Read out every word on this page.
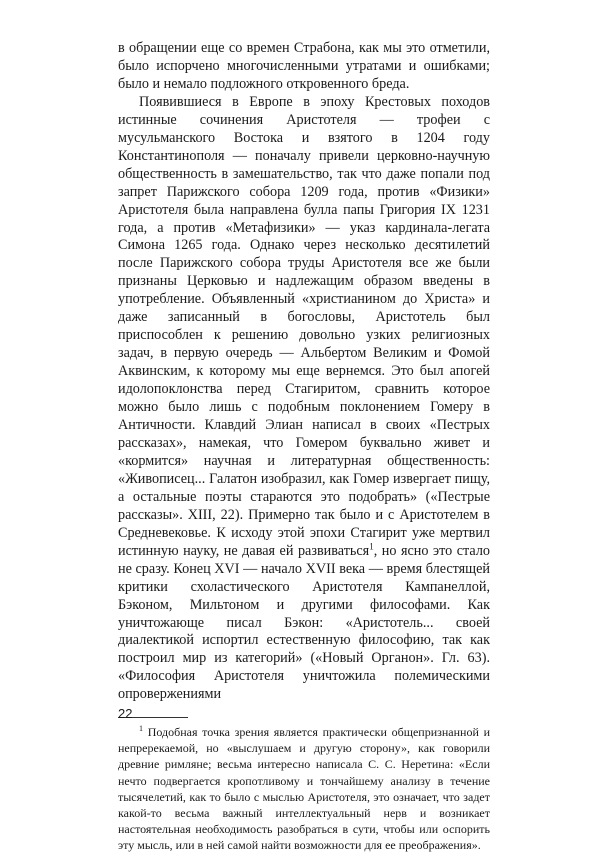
в обращении еще со времен Страбона, как мы это отметили, было испорчено многочисленными утратами и ошибками; было и немало подложного откровенного бреда.

Появившиеся в Европе в эпоху Крестовых походов истинные сочинения Аристотеля — трофеи с мусульманского Востока и взятого в 1204 году Константинополя — поначалу привели церковно-научную общественность в замешательство, так что даже попали под запрет Парижского собора 1209 года, против «Физики» Аристотеля была направлена булла папы Григория IX 1231 года, а против «Метафизики» — указ кардинала-легата Симона 1265 года. Однако через несколько десятилетий после Парижского собора труды Аристотеля все же были признаны Церковью и надлежащим образом введены в употребление. Объявленный «христианином до Христа» и даже записанный в богословы, Аристотель был приспособлен к решению довольно узких религиозных задач, в первую очередь — Альбертом Великим и Фомой Аквинским, к которому мы еще вернемся. Это был апогей идолопоклонства перед Стагиритом, сравнить которое можно было лишь с подобным поклонением Гомеру в Античности. Клавдий Элиан написал в своих «Пестрых рассказах», намекая, что Гомером буквально живет и «кормится» научная и литературная общественность: «Живописец... Галатон изобразил, как Гомер извергает пищу, а остальные поэты стараются это подобрать» («Пестрые рассказы». XIII, 22). Примерно так было и с Аристотелем в Средневековье. К исходу этой эпохи Стагирит уже мертвил истинную науку, не давая ей развиваться$^1$, но ясно это стало не сразу. Конец XVI — начало XVII века — время блестящей критики схоластического Аристотеля Кампанеллой, Бэконом, Мильтоном и другими философами. Как уничтожающе писал Бэкон: «Аристотель... своей диалектикой испортил естественную философию, так как построил мир из категорий» («Новый Органон». Гл. 63). «Философия Аристотеля уничтожила полемическими опровержениями

$^1$ Подобная точка зрения является практически общепризнанной и непререкаемой, но «выслушаем и другую сторону», как говорили древние римляне; весьма интересно написала С. С. Неретина: «Если нечто подвергается кропотливому и тончайшему анализу в течение тысячелетий, как то было с мыслью Аристотеля, это означает, что задет какой-то весьма важный интеллектуальный нерв и возникает настоятельная необходимость разобраться в сути, чтобы или оспорить эту мысль, или в ней самой найти возможности для ее преображения».

22
